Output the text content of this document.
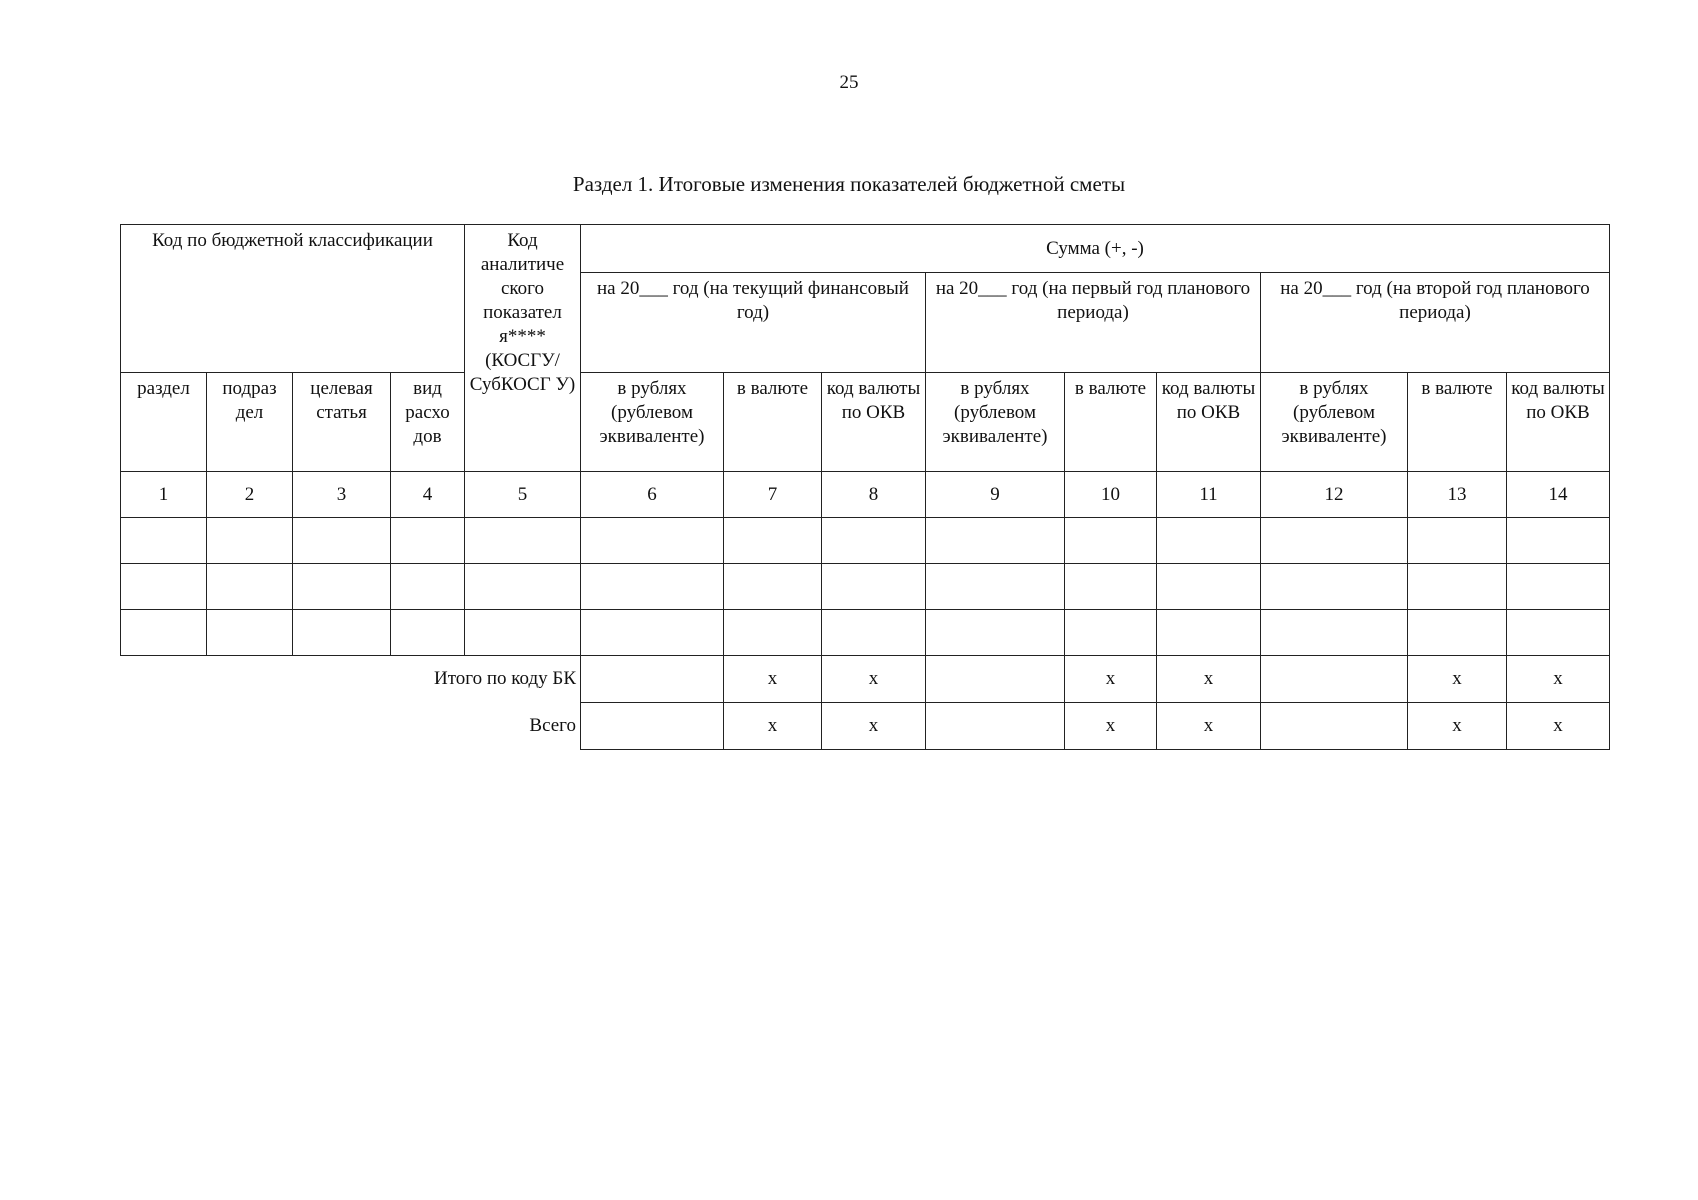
25
Раздел 1. Итоговые изменения показателей бюджетной сметы
Код по бюджетной классификации				Код аналитиче ского показател я**** (КОСГУ/ СубКОСГ У)	Сумма (+, -)								
					на 20___ год (на текущий финансовый год)			на 20___ год (на первый год планового периода)			на 20___ год (на второй год планового периода)		
раздел	подраз дел	целевая статья	вид расхо дов		в рублях (рублевом эквиваленте)	в валюте	код валюты по ОКВ	в рублях (рублевом эквиваленте)	в валюте	код валюты по ОКВ	в рублях (рублевом эквиваленте)	в валюте	код валюты по ОКВ
1	2	3	4	5	6	7	8	9	10	11	12	13	14

Итого по коду БК						х	х		х	х		х	х
Всего						х	х		х	х		х	х
